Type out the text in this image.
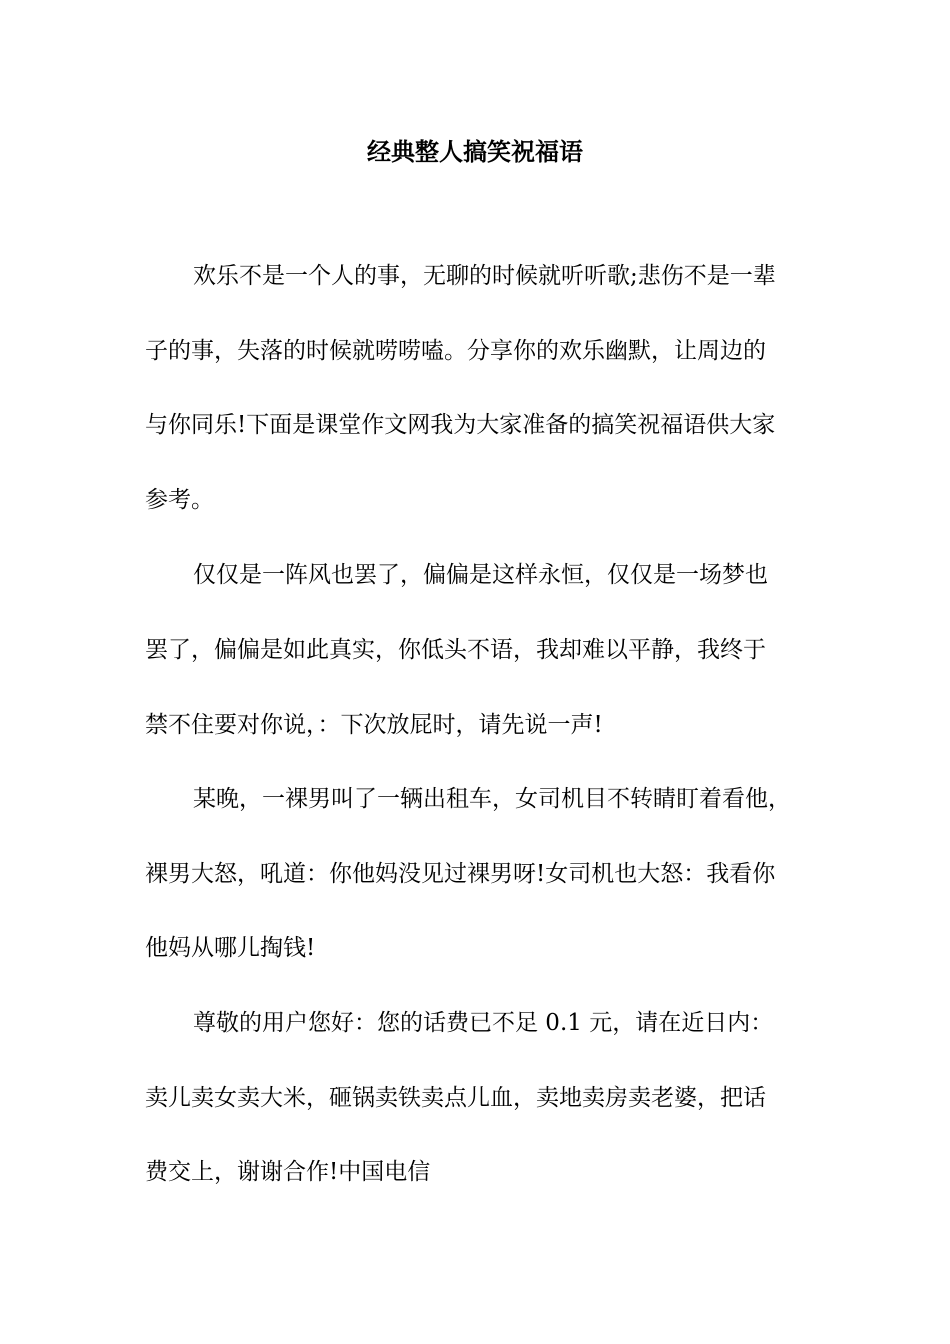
经典整人搞笑祝福语

欢乐不是一个人的事，无聊的时候就听听歌;悲伤不是一辈

子的事，失落的时候就唠唠嗑。分享你的欢乐幽默，让周边的

与你同乐!下面是课堂作文网我为大家准备的搞笑祝福语供大家

参考。

仅仅是一阵风也罢了，偏偏是这样永恒，仅仅是一场梦也

罢了，偏偏是如此真实，你低头不语，我却难以平静，我终于

禁不住要对你说，：下次放屁时，请先说一声!

某晚，一裸男叫了一辆出租车，女司机目不转睛盯着看他，

裸男大怒，吼道：你他妈没见过裸男呀!女司机也大怒：我看你

他妈从哪儿掏钱!

尊敬的用户您好：您的话费已不足 0.1 元，请在近日内：

卖儿卖女卖大米，砸锅卖铁卖点儿血，卖地卖房卖老婆，把话

费交上，谢谢合作!中国电信
